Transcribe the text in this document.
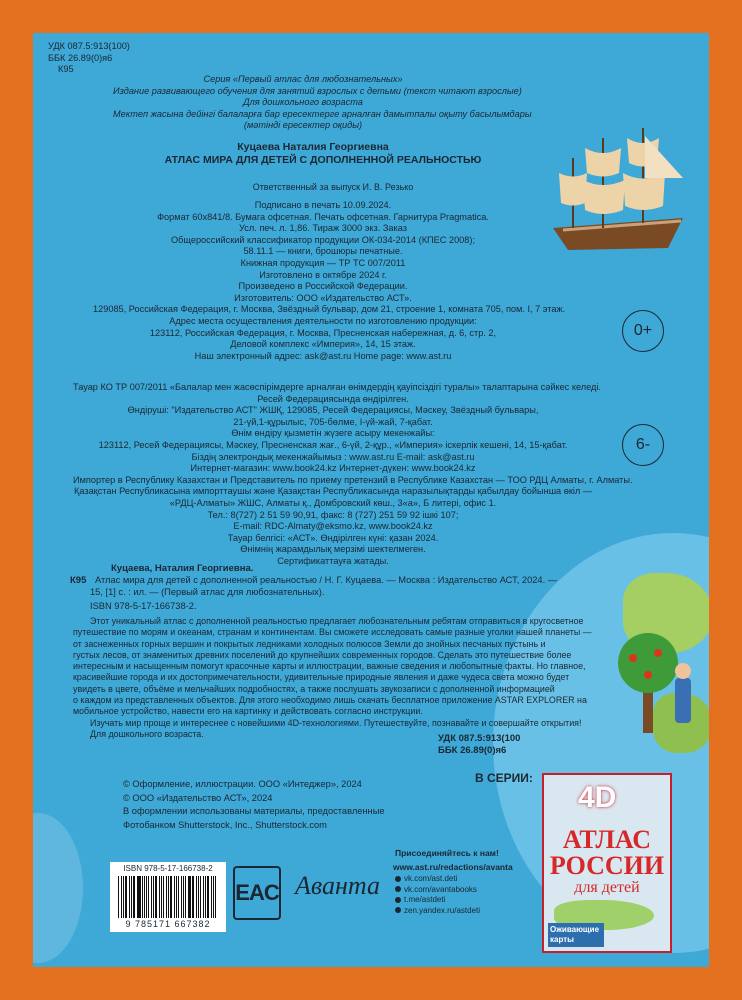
УДК 087.5:913(100)
ББК 26.89(0)я6
К95
Серия «Первый атлас для любознательных»
Издание развивающего обучения для занятий взрослых с детьми (текст читают взрослые)
Для дошкольного возраста
Мектеп жасына дейінгі балаларға бар ересектерге арналған дамытпалы оқыту басылымдары
(мәтінді ересектер оқиды)
Куцаева Наталия Георгиевна
АТЛАС МИРА ДЛЯ ДЕТЕЙ С ДОПОЛНЕННОЙ РЕАЛЬНОСТЬЮ
Ответственный за выпуск И. В. Резько
Подписано в печать 10.09.2024.
Формат 60х841/8. Бумага офсетная. Печать офсетная. Гарнитура Pragmatica.
Усл. печ. л. 1,86. Тираж 3000 экз. Заказ
Общероссийский классификатор продукции ОК-034-2014 (КПЕС 2008);
58.11.1 — книги, брошюры печатные.
Книжная продукция — ТР ТС 007/2011
Изготовлено в октябре 2024 г.
Произведено в Российской Федерации.
Изготовитель: ООО «Издательство АСТ».
129085, Российская Федерация, г. Москва, Звёздный бульвар, дом 21, строение 1, комната 705, пом. I, 7 этаж.
Адрес места осуществления деятельности по изготовлению продукции:
123112, Российская Федерация, г. Москва, Пресненская набережная, д. 6, стр. 2,
Деловой комплекс «Империя», 14, 15 этаж.
Наш электронный адрес: ask@ast.ru Home page: www.ast.ru
0+
Тауар КО ТР 007/2011 «Балалар мен жасөспірімдерге арналған өнімдердің қауіпсіздігі туралы» талаптарына сәйкес келеді.
Ресей Федерациясында өндірілген.
Өндіруші: "Издательство АСТ" ЖШҚ, 129085, Ресей Федерациясы, Мәскеу, Звёздный бульвары,
21-үй,1-құрылыс, 705-бөлме, І-үй-жай, 7-қабат.
Өнім өндіру қызметін жүзеге асыру мекенжайы:
123112, Ресей Федерациясы, Мәскеу, Пресненская жағ., 6-үй, 2-құр., «Империя» іскерлік кешені, 14, 15-қабат.
Біздің электрондық мекенжайымыз : www.ast.ru E-mail: ask@ast.ru
Интернет-магазин: www.book24.kz Интернет-дүкен: www.book24.kz
Импортер в Республику Казахстан и Представитель по приему претензий в Республике Казахстан — ТОО РДЦ Алматы, г. Алматы.
Қазақстан Республикасына импорттаушы және Қазақстан Республикасында наразылықтарды қабылдау бойынша өкіл —
«РДЦ-Алматы» ЖШС, Алматы қ., Домбровский көш., 3«а», Б литері, офис 1.
Тел.: 8(727) 2 51 59 90,91, факс: 8 (727) 251 59 92 ішкі 107;
E-mail: RDC-Almaty@eksmo.kz, www.book24.kz
Тауар белгісі: «АСТ». Өндірілген күні: қазан 2024.
Өнімнің жарамдылық мерзімі шектелмеген.
Сертификаттауға жатады.
6-
Куцаева, Наталия Георгиевна.
К95 Атлас мира для детей с дополненной реальностью / Н. Г. Куцаева. — Москва : Издательство АСТ, 2024. —
15, [1] с. : ил. — (Первый атлас для любознательных).
ISBN 978-5-17-166738-2.
Этот уникальный атлас с дополненной реальностью предлагает любознательным ребятам отправиться в кругосветное
путешествие по морям и океанам, странам и континентам. Вы сможете исследовать самые разные уголки нашей планеты —
от заснеженных горных вершин и покрытых ледниками холодных полюсов Земли до знойных песчаных пустынь и
густых лесов, от знаменитых древних поселений до крупнейших современных городов. Сделать это путешествие более
интересным и насыщенным помогут красочные карты и иллюстрации, важные сведения и любопытные факты. Но главное,
красивейшие города и их достопримечательности, удивительные природные явления и даже чудеса света можно будет
увидеть в цвете, объёме и мельчайших подробностях, а также послушать звукозаписи с дополненной информацией
о каждом из представленных объектов. Для этого необходимо лишь скачать бесплатное приложение ASTAR EXPLORER на
мобильное устройство, навести его на картинку и действовать согласно инструкции.
Изучать мир проще и интереснее с новейшими 4D-технологиями. Путешествуйте, познавайте и совершайте открытия!
Для дошкольного возраста.	УДК 087.5:913(100
ББК 26.89(0)я6
© Оформление, иллюстрации. ООО «Интеджер», 2024
© ООО «Издательство АСТ», 2024
В оформлении использованы материалы, предоставленные
Фотобанком Shutterstock, Inc., Shutterstock.com
В СЕРИИ:
4D
АТЛАС
РОССИИ
для детей
Оживающие карты
ISBN 978-5-17-166738-2
9 785171 667382
EAC Аванта
Присоединяйтесь к нам!
www.ast.ru/redactions/avanta
vk.com/ast.deti
vk.com/avantabooks
t.me/astdeti
zen.yandex.ru/astdeti
